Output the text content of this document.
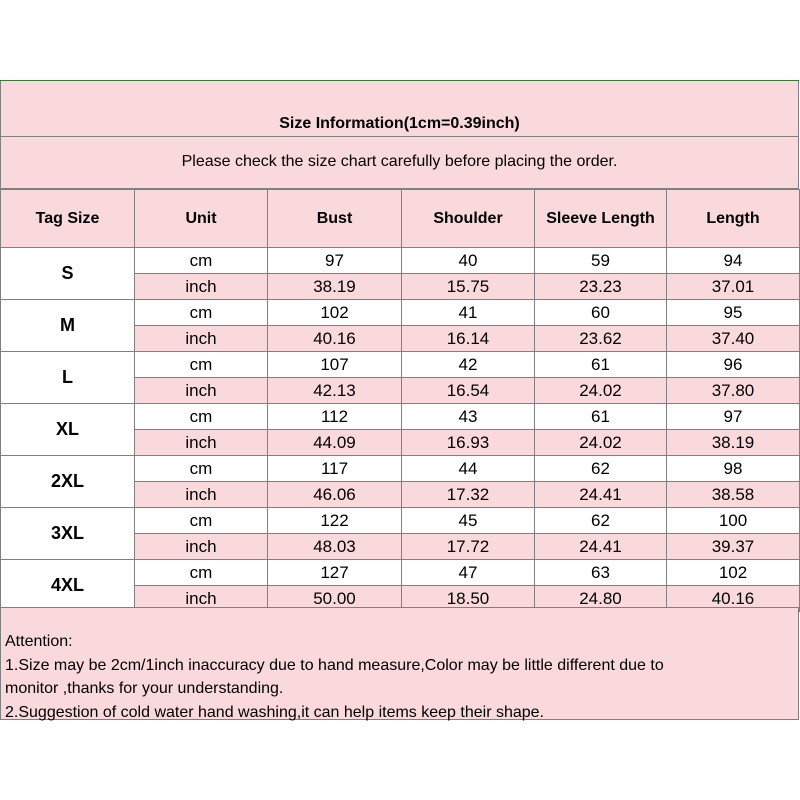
Size Information(1cm=0.39inch)
Please check the size chart carefully before placing the order.
Tag Size	Unit	Bust	Shoulder	Sleeve Length	Length
S	cm	97	40	59	94
	inch	38.19	15.75	23.23	37.01
M	cm	102	41	60	95
	inch	40.16	16.14	23.62	37.40
L	cm	107	42	61	96
	inch	42.13	16.54	24.02	37.80
XL	cm	112	43	61	97
	inch	44.09	16.93	24.02	38.19
2XL	cm	117	44	62	98
	inch	46.06	17.32	24.41	38.58
3XL	cm	122	45	62	100
	inch	48.03	17.72	24.41	39.37
4XL	cm	127	47	63	102
	inch	50.00	18.50	24.80	40.16
Attention:
1.Size may be 2cm/1inch inaccuracy due to hand measure,Color may be little different due to
monitor ,thanks for your understanding.
2.Suggestion of cold water hand washing,it can help items keep their shape.
